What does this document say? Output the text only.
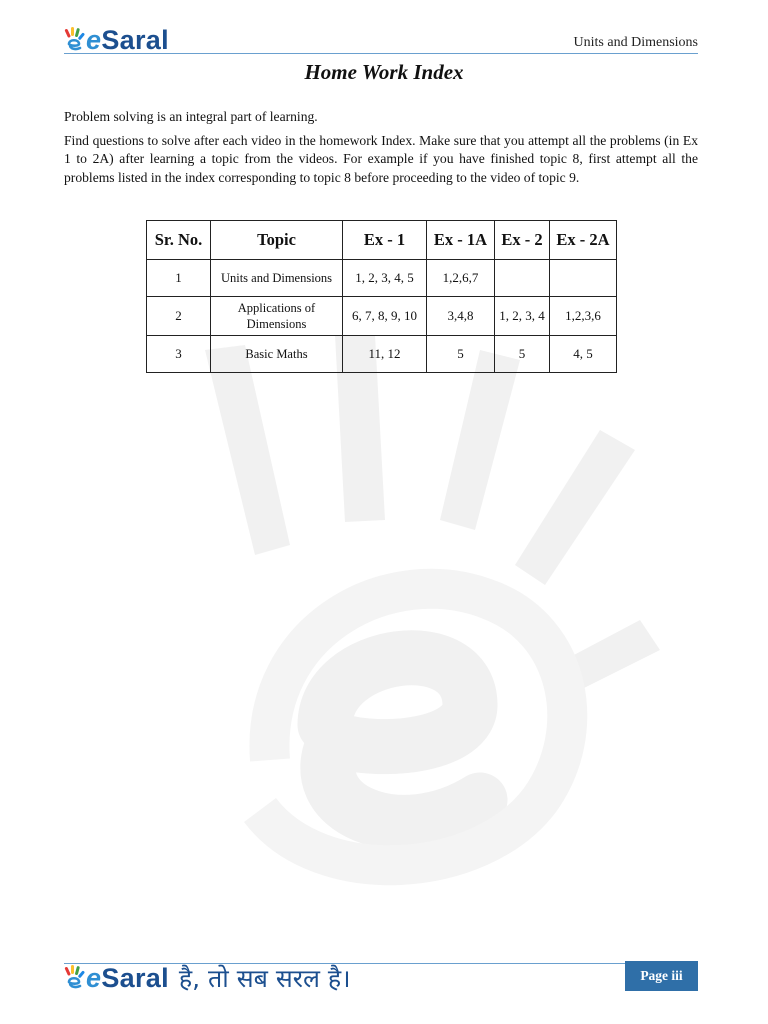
eSaral	Units and Dimensions
Home Work Index

Problem solving is an integral part of learning.

Find questions to solve after each video in the homework Index. Make sure that you attempt all the problems (in Ex 1 to 2A) after learning a topic from the videos. For example if you have finished topic 8, first attempt all the problems listed in the index corresponding to topic 8 before proceeding to the video of topic 9.

Sr. No.	Topic	Ex - 1	Ex - 1A	Ex - 2	Ex - 2A
1	Units and Dimensions	1, 2, 3, 4, 5	1,2,6,7		
2	Applications of Dimensions	6, 7, 8, 9, 10	3,4,8	1, 2, 3, 4	1,2,3,6
3	Basic Maths	11, 12	5	5	4, 5
eSaral है, तो सब सरल है।	Page iii
